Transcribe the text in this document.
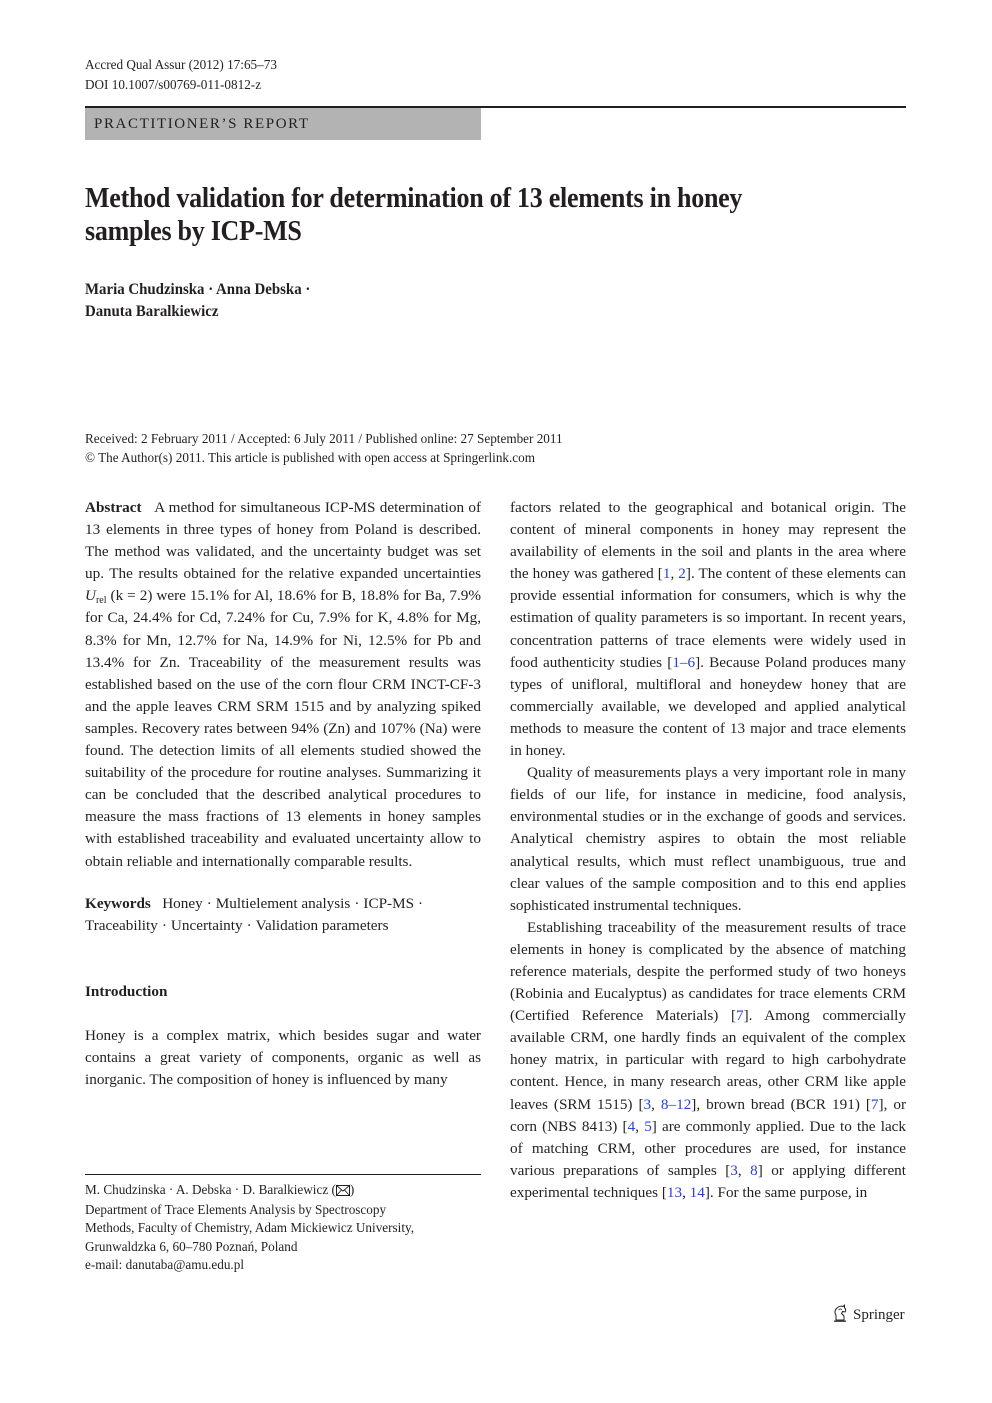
Accred Qual Assur (2012) 17:65–73
DOI 10.1007/s00769-011-0812-z
PRACTITIONER’S REPORT
Method validation for determination of 13 elements in honey
samples by ICP-MS
Maria Chudzinska · Anna Debska ·
Danuta Baralkiewicz
Received: 2 February 2011 / Accepted: 6 July 2011 / Published online: 27 September 2011
© The Author(s) 2011. This article is published with open access at Springerlink.com

Abstract A method for simultaneous ICP-MS determination of 13 elements in three types of honey from Poland is described. The method was validated, and the uncertainty budget was set up. The results obtained for the relative expanded uncertainties $U_{rel}$ (k = 2) were 15.1% for Al, 18.6% for B, 18.8% for Ba, 7.9% for Ca, 24.4% for Cd, 7.24% for Cu, 7.9% for K, 4.8% for Mg, 8.3% for Mn, 12.7% for Na, 14.9% for Ni, 12.5% for Pb and 13.4% for Zn. Traceability of the measurement results was established based on the use of the corn flour CRM INCT-CF-3 and the apple leaves CRM SRM 1515 and by analyzing spiked samples. Recovery rates between 94% (Zn) and 107% (Na) were found. The detection limits of all elements studied showed the suitability of the procedure for routine analyses. Summarizing it can be concluded that the described analytical procedures to measure the mass fractions of 13 elements in honey samples with established traceability and evaluated uncertainty allow to obtain reliable and internationally comparable results.

Keywords Honey · Multielement analysis · ICP-MS ·
Traceability · Uncertainty · Validation parameters

Introduction

Honey is a complex matrix, which besides sugar and water contains a great variety of components, organic as well as inorganic. The composition of honey is influenced by many

M. Chudzinska · A. Debska · D. Baralkiewicz ( )
Department of Trace Elements Analysis by Spectroscopy
Methods, Faculty of Chemistry, Adam Mickiewicz University,
Grunwaldzka 6, 60–780 Poznań, Poland
e-mail: danutaba@amu.edu.pl

factors related to the geographical and botanical origin. The content of mineral components in honey may represent the availability of elements in the soil and plants in the area where the honey was gathered [1, 2]. The content of these elements can provide essential information for consumers, which is why the estimation of quality parameters is so important. In recent years, concentration patterns of trace elements were widely used in food authenticity studies [1–6]. Because Poland produces many types of unifloral, multifloral and honeydew honey that are commercially available, we developed and applied analytical methods to measure the content of 13 major and trace elements in honey.

Quality of measurements plays a very important role in many fields of our life, for instance in medicine, food analysis, environmental studies or in the exchange of goods and services. Analytical chemistry aspires to obtain the most reliable analytical results, which must reflect unambiguous, true and clear values of the sample composition and to this end applies sophisticated instrumental techniques.

Establishing traceability of the measurement results of trace elements in honey is complicated by the absence of matching reference materials, despite the performed study of two honeys (Robinia and Eucalyptus) as candidates for trace elements CRM (Certified Reference Materials) [7]. Among commercially available CRM, one hardly finds an equivalent of the complex honey matrix, in particular with regard to high carbohydrate content. Hence, in many research areas, other CRM like apple leaves (SRM 1515) [3, 8–12], brown bread (BCR 191) [7], or corn (NBS 8413) [4, 5] are commonly applied. Due to the lack of matching CRM, other procedures are used, for instance various preparations of samples [3, 8] or applying different experimental techniques [13, 14]. For the same purpose, in

Springer
